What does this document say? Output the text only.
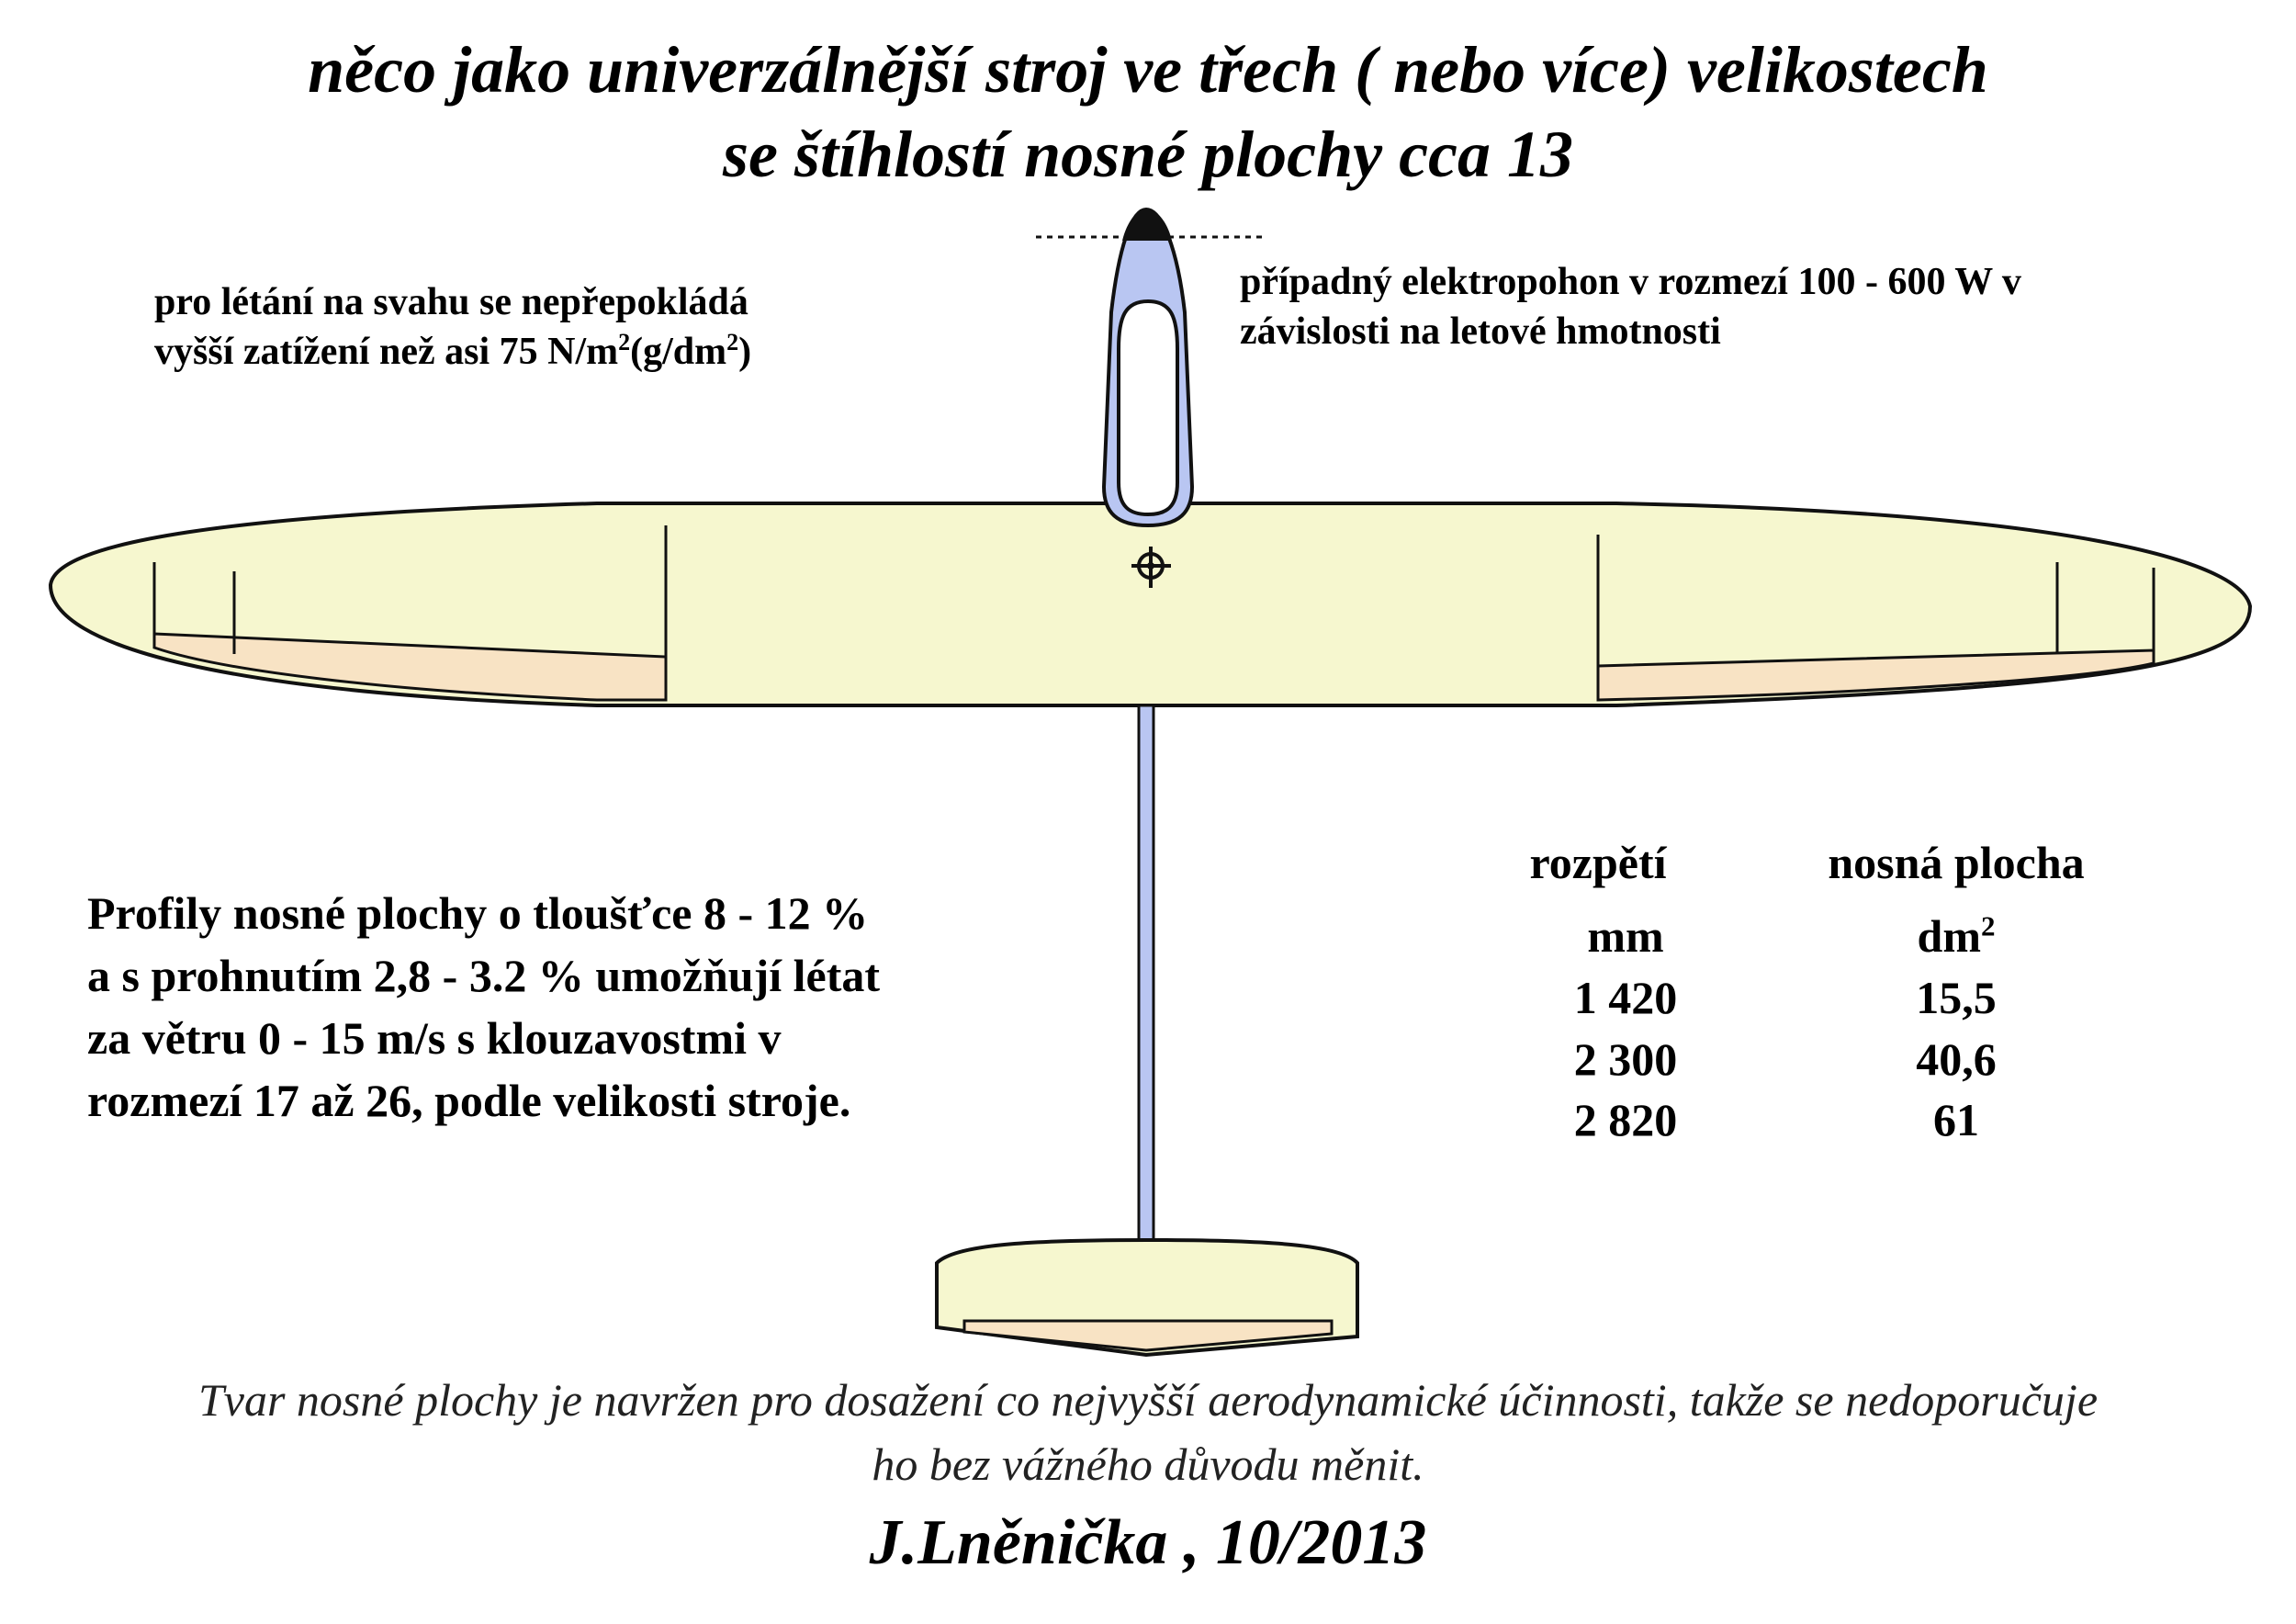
něco jako univerzálnější stroj ve třech ( nebo více) velikostech
se štíhlostí nosné plochy cca 13
pro létání na svahu se nepřepokládá
vyšší zatížení než asi 75 $N/m^2(g/dm^2)$
případný elektropohon v rozmezí 100 - 600 W v
závislosti na letové hmotnosti
Profily nosné plochy o tloušťce 8 - 12 %
a s prohnutím 2,8 - 3.2 % umožňují létat
za větru 0 - 15 m/s s klouzavostmi v
rozmezí 17 až 26, podle velikosti stroje.
rozpětí	nosná plocha
mm	$dm^2$
1 420	15,5
2 300	40,6
2 820	61
Tvar nosné plochy je navržen pro dosažení co nejvyšší aerodynamické účinnosti, takže se nedoporučuje
ho bez vážného důvodu měnit.
J.Lněnička , 10/2013
